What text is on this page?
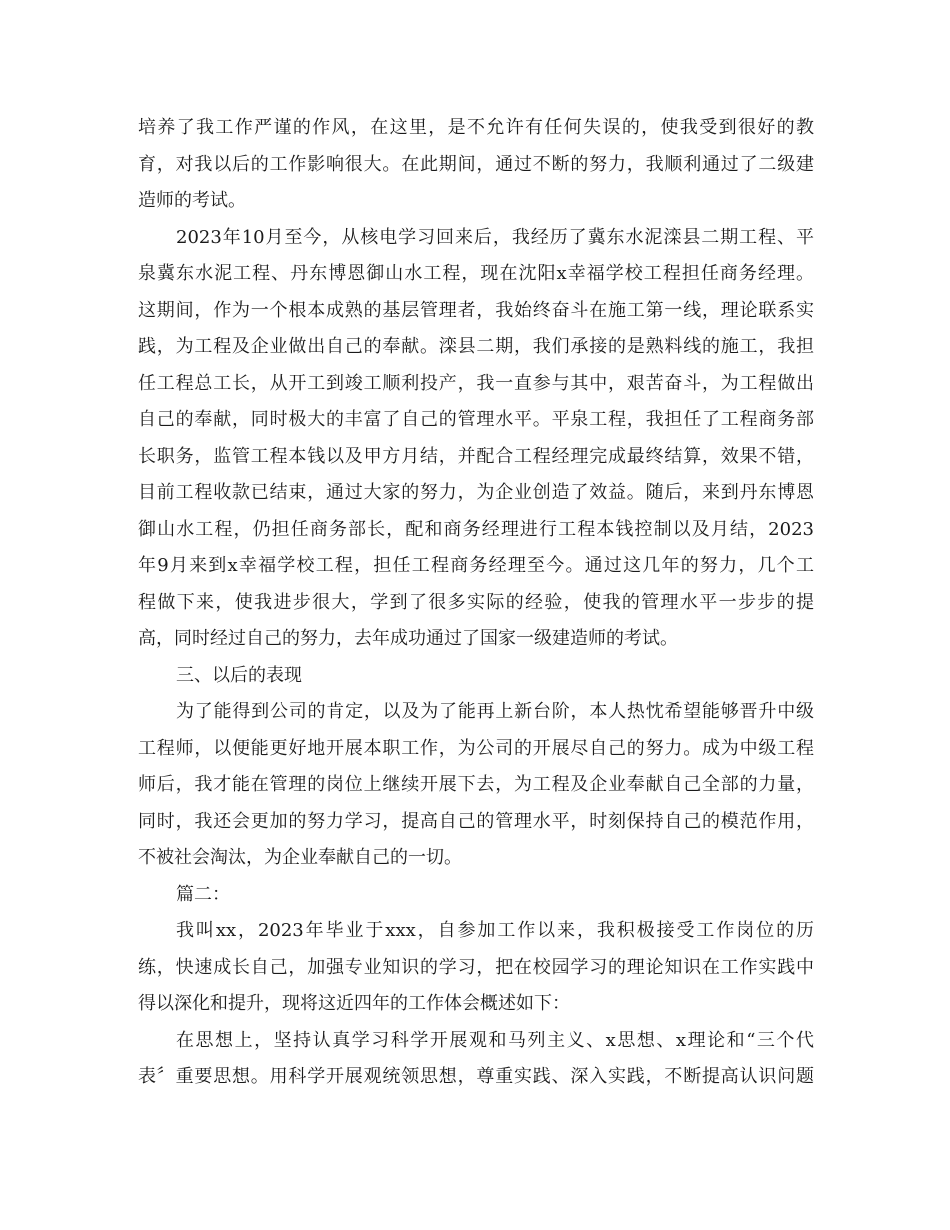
培养了我工作严谨的作风，在这里，是不允许有任何失误的，使我受到很好的教
育，对我以后的工作影响很大。在此期间，通过不断的努力，我顺利通过了二级建
造师的考试。
2023年10月至今，从核电学习回来后，我经历了冀东水泥滦县二期工程、平
泉冀东水泥工程、丹东博恩御山水工程，现在沈阳x幸福学校工程担任商务经理。
这期间，作为一个根本成熟的基层管理者，我始终奋斗在施工第一线，理论联系实
践，为工程及企业做出自己的奉献。滦县二期，我们承接的是熟料线的施工，我担
任工程总工长，从开工到竣工顺利投产，我一直参与其中，艰苦奋斗，为工程做出
自己的奉献，同时极大的丰富了自己的管理水平。平泉工程，我担任了工程商务部
长职务，监管工程本钱以及甲方月结，并配合工程经理完成最终结算，效果不错，
目前工程收款已结束，通过大家的努力，为企业创造了效益。随后，来到丹东博恩
御山水工程，仍担任商务部长，配和商务经理进行工程本钱控制以及月结，2023
年9月来到x幸福学校工程，担任工程商务经理至今。通过这几年的努力，几个工
程做下来，使我进步很大，学到了很多实际的经验，使我的管理水平一步步的提
高，同时经过自己的努力，去年成功通过了国家一级建造师的考试。
三、以后的表现
为了能得到公司的肯定，以及为了能再上新台阶，本人热忱希望能够晋升中级
工程师，以便能更好地开展本职工作，为公司的开展尽自己的努力。成为中级工程
师后，我才能在管理的岗位上继续开展下去，为工程及企业奉献自己全部的力量，
同时，我还会更加的努力学习，提高自己的管理水平，时刻保持自己的模范作用，
不被社会淘汰，为企业奉献自己的一切。
篇二：
我叫xx，2023年毕业于xxx，自参加工作以来，我积极接受工作岗位的历
练，快速成长自己，加强专业知识的学习，把在校园学习的理论知识在工作实践中
得以深化和提升，现将这近四年的工作体会概述如下：
在思想上，坚持认真学习科学开展观和马列主义、x思想、x理论和“三个代
表〞重要思想。用科学开展观统领思想，尊重实践、深入实践，不断提高认识问题
